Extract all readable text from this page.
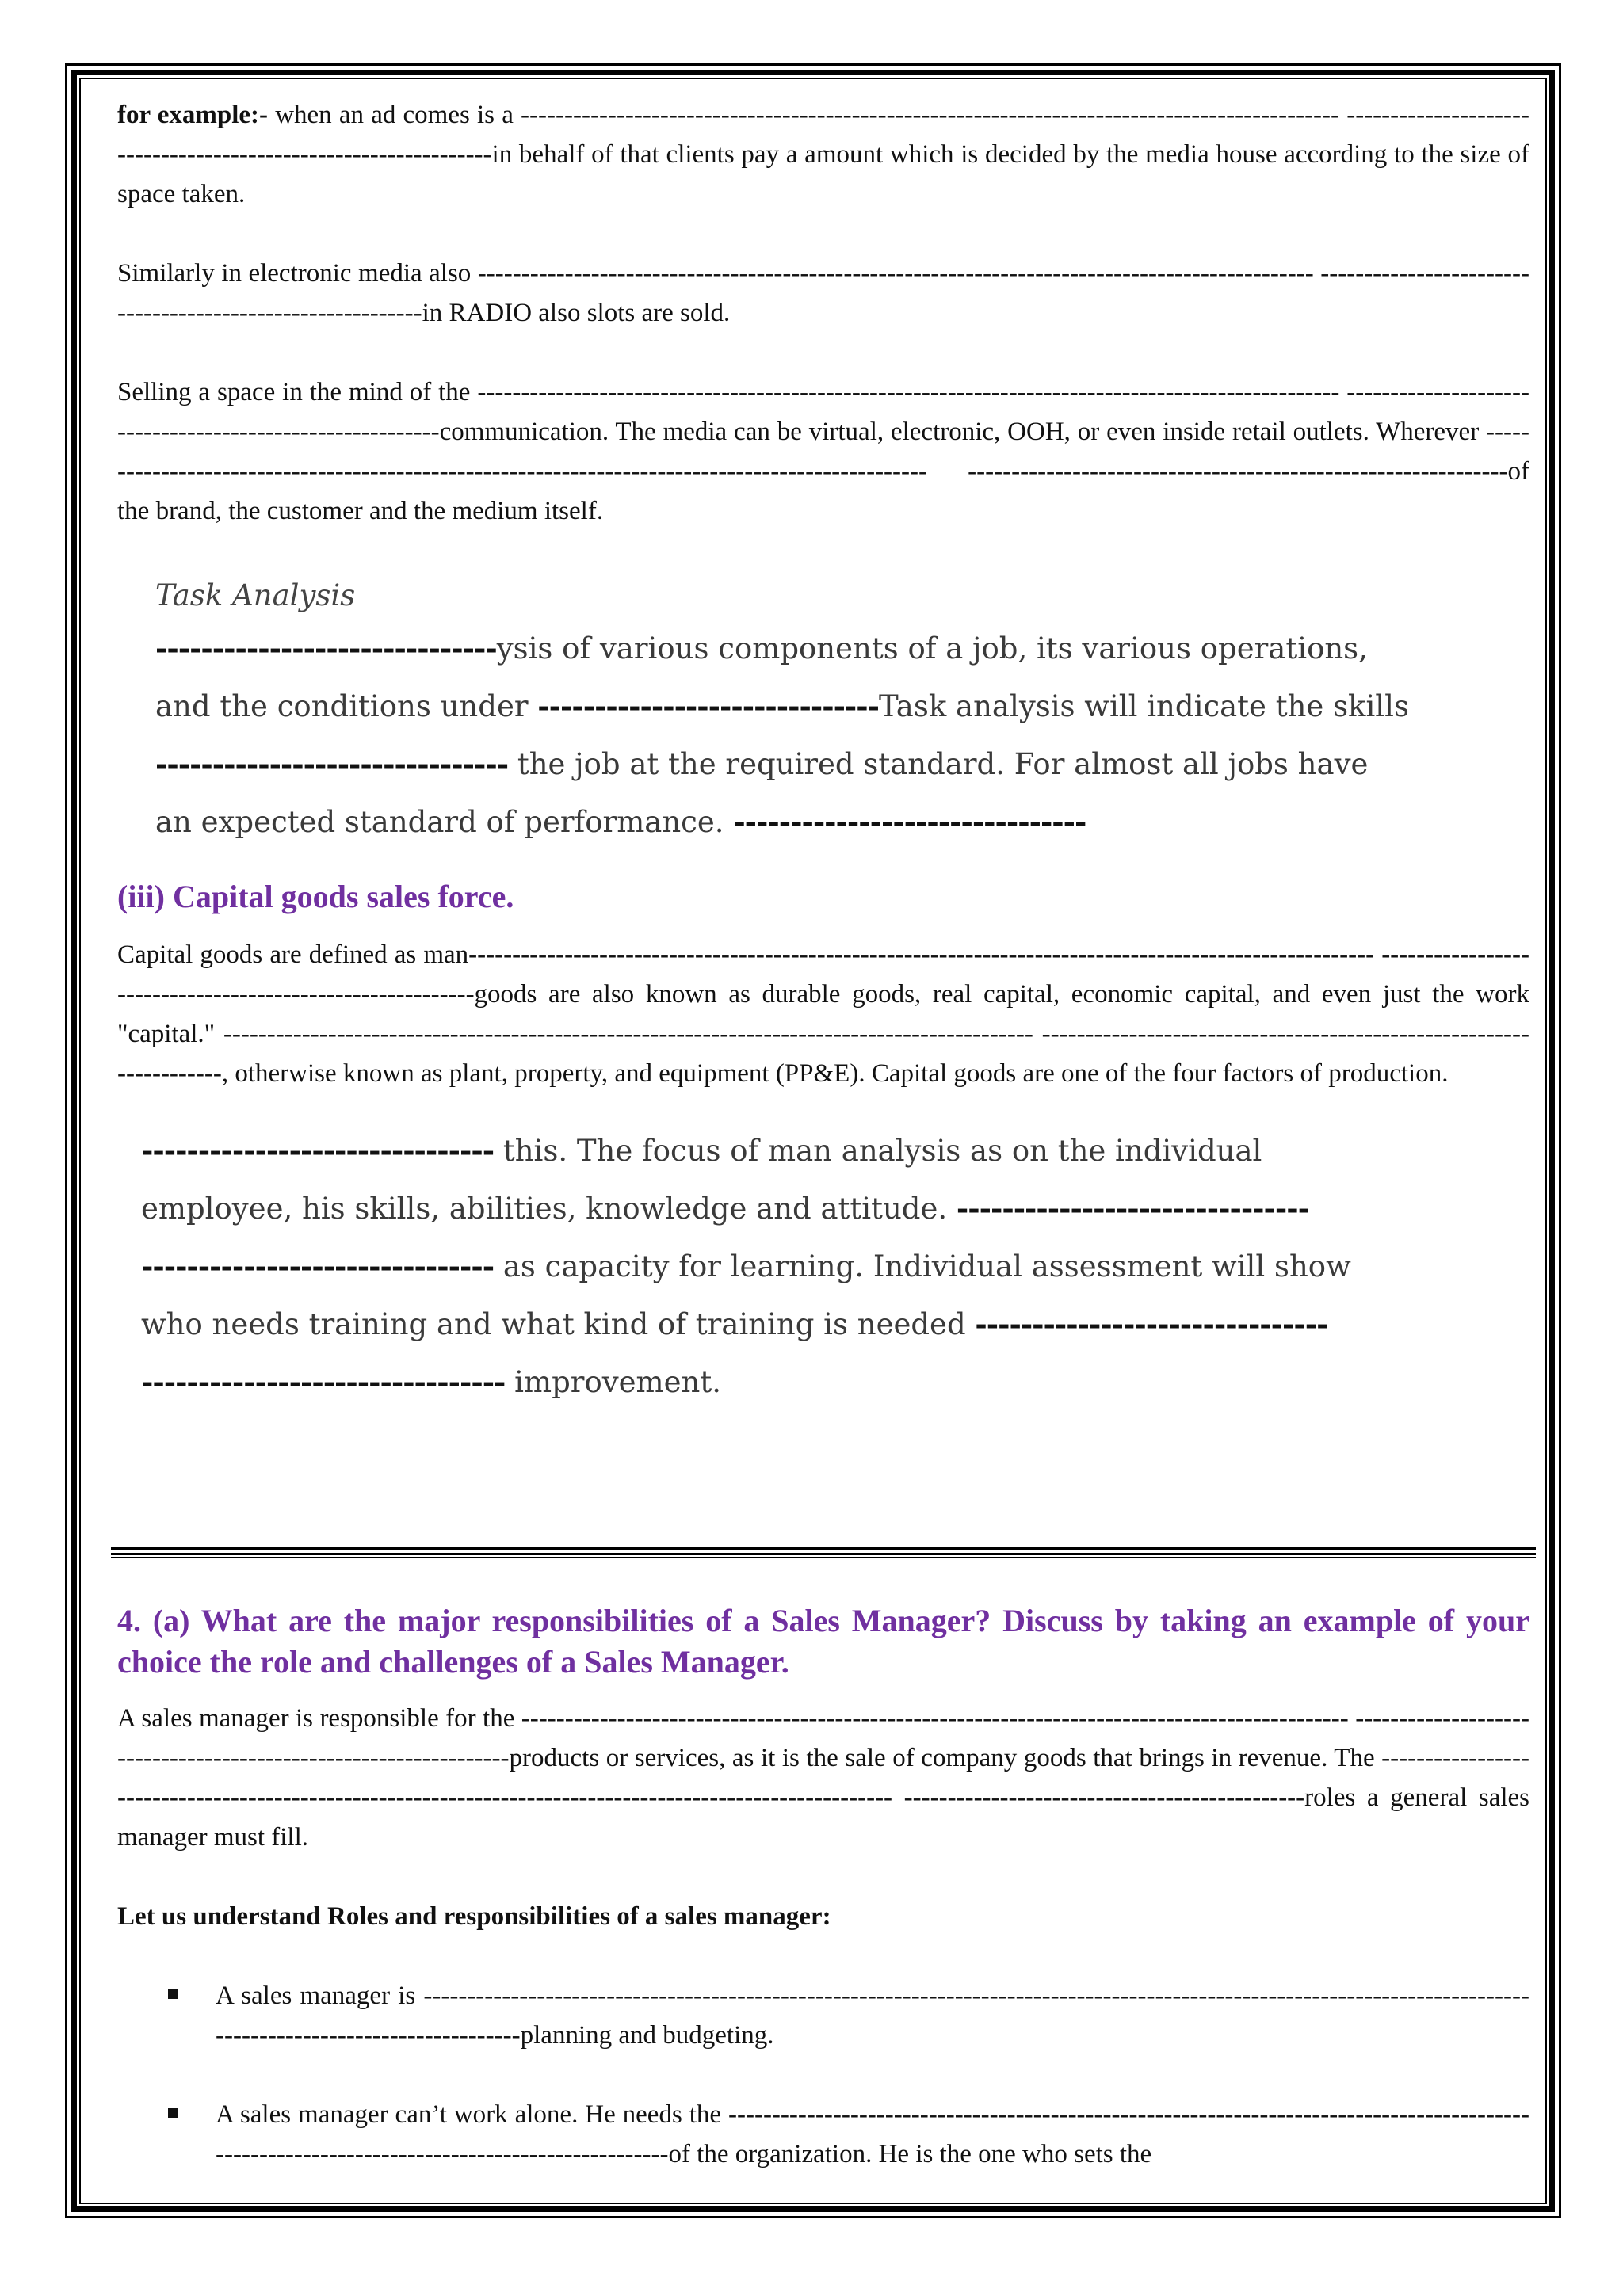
for example:- when an ad comes is a ---------------------------------------------------------------------------------------------- ----------------------------------------------------------------in behalf of that clients pay a amount which is decided by the media house according to the size of space taken.

Similarly in electronic media also ------------------------------------------------------------------------------------------------ -----------------------------------------------------------in RADIO also slots are sold.

Selling a space in the mind of the --------------------------------------------------------------------------------------------------- ----------------------------------------------------------communication. The media can be virtual, electronic, OOH, or even inside retail outlets. Wherever -------------------------------------------------------------------------------------------------- --------------------------------------------------------------of the brand, the customer and the medium itself.

Task Analysis
------------------------------ysis of various components of a job, its various operations,
and the conditions under ------------------------------Task analysis will indicate the skills
------------------------------- the job at the required standard. For almost all jobs have
an expected standard of performance. -------------------------------
(iii) Capital goods sales force.

Capital goods are defined as man-------------------------------------------------------------------------------------------------------- ----------------------------------------------------------goods are also known as durable goods, real capital, economic capital, and even just the work "capital." --------------------------------------------------------------------------------------------- --------------------------------------------------------------------, otherwise known as plant, property, and equipment (PP&E). Capital goods are one of the four factors of production.

------------------------------- this. The focus of man analysis as on the individual
employee, his skills, abilities, knowledge and attitude. -------------------------------
------------------------------- as capacity for learning. Individual assessment will show
who needs training and what kind of training is needed -------------------------------
-------------------------------- improvement.
4. (a) What are the major responsibilities of a Sales Manager? Discuss by taking an example of your choice the role and challenges of a Sales Manager.

A sales manager is responsible for the ----------------------------------------------------------------------------------------------- -----------------------------------------------------------------products or services, as it is the sale of company goods that brings in revenue. The ---------------------------------------------------------------------------------------------------------- ----------------------------------------------roles a general sales manager must fill.

Let us understand Roles and responsibilities of a sales manager:

A sales manager is ------------------------------------------------------------------------------------------------------------------------------------------------------------------planning and budgeting.
A sales manager can’t work alone. He needs the ------------------------------------------------------------------------------------------------------------------------------------------------of the organization. He is the one who sets the
